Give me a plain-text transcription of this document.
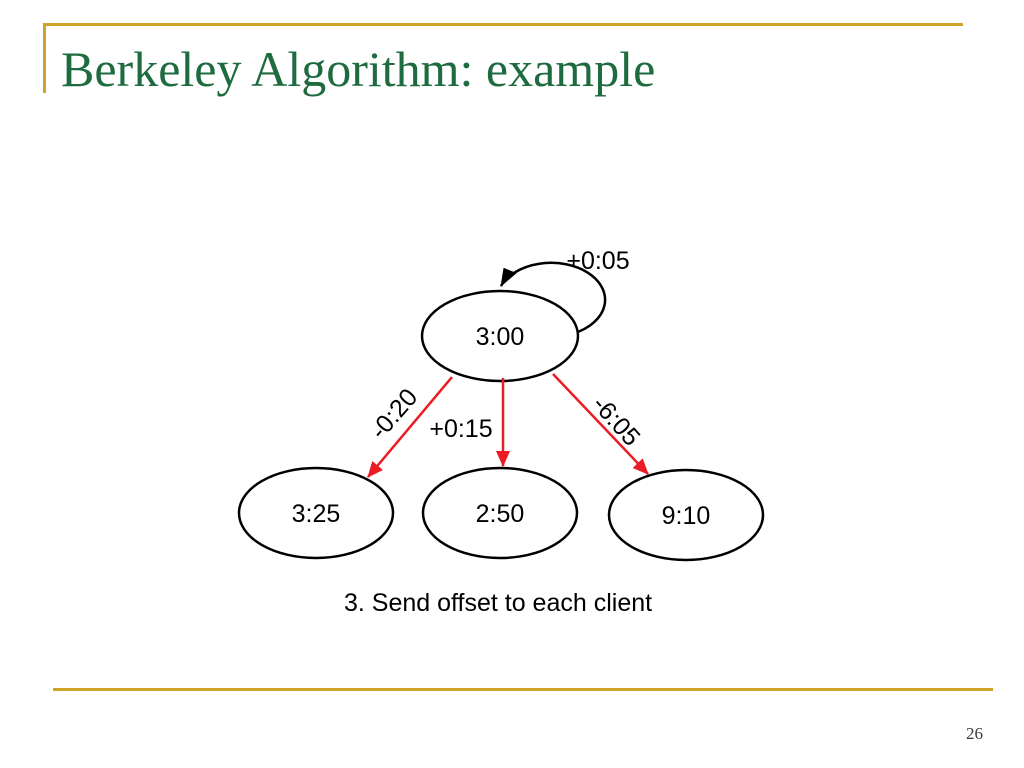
Berkeley Algorithm: example
3:00
+0:05
-0:20 +0:15	-6:05
3:25	2:50	9:10
3. Send offset to each client
26
